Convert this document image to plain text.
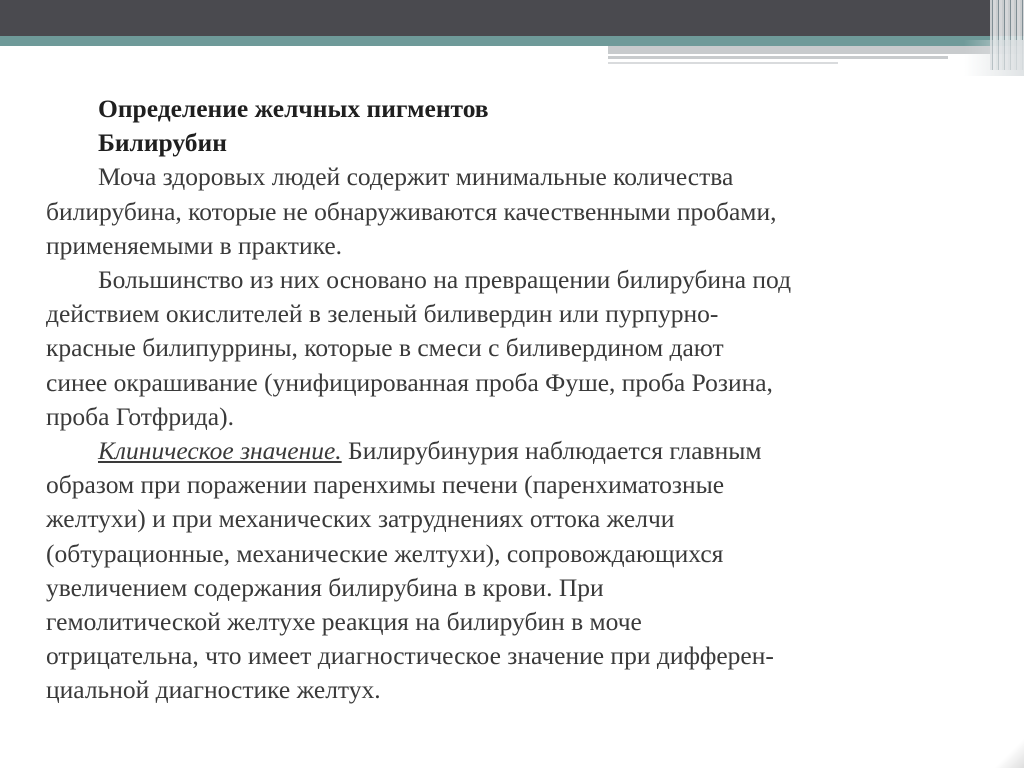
Определение желчных пигментов

Билирубин

Моча здоровых людей содержит минимальные количества
билирубина, которые не обнаруживаются качественными пробами,
применяемыми в практике.

Большинство из них основано на превращении билирубина под
действием окислителей в зеленый биливердин или пурпурно-
красные билипуррины, которые в смеси с биливердином дают
синее окрашивание (унифицированная проба Фуше, проба Розина,
проба Готфрида).

Клиническое значение. Билирубинурия наблюдается главным
образом при поражении паренхимы печени (паренхиматозные
желтухи) и при механических затруднениях оттока желчи
(обтурационные, механические желтухи), сопровождающихся
увеличением содержания билирубина в крови. При
гемолитической желтухе реакция на билирубин в моче
отрицательна, что имеет диагностическое значение при дифферен-
циальной диагностике желтух.
